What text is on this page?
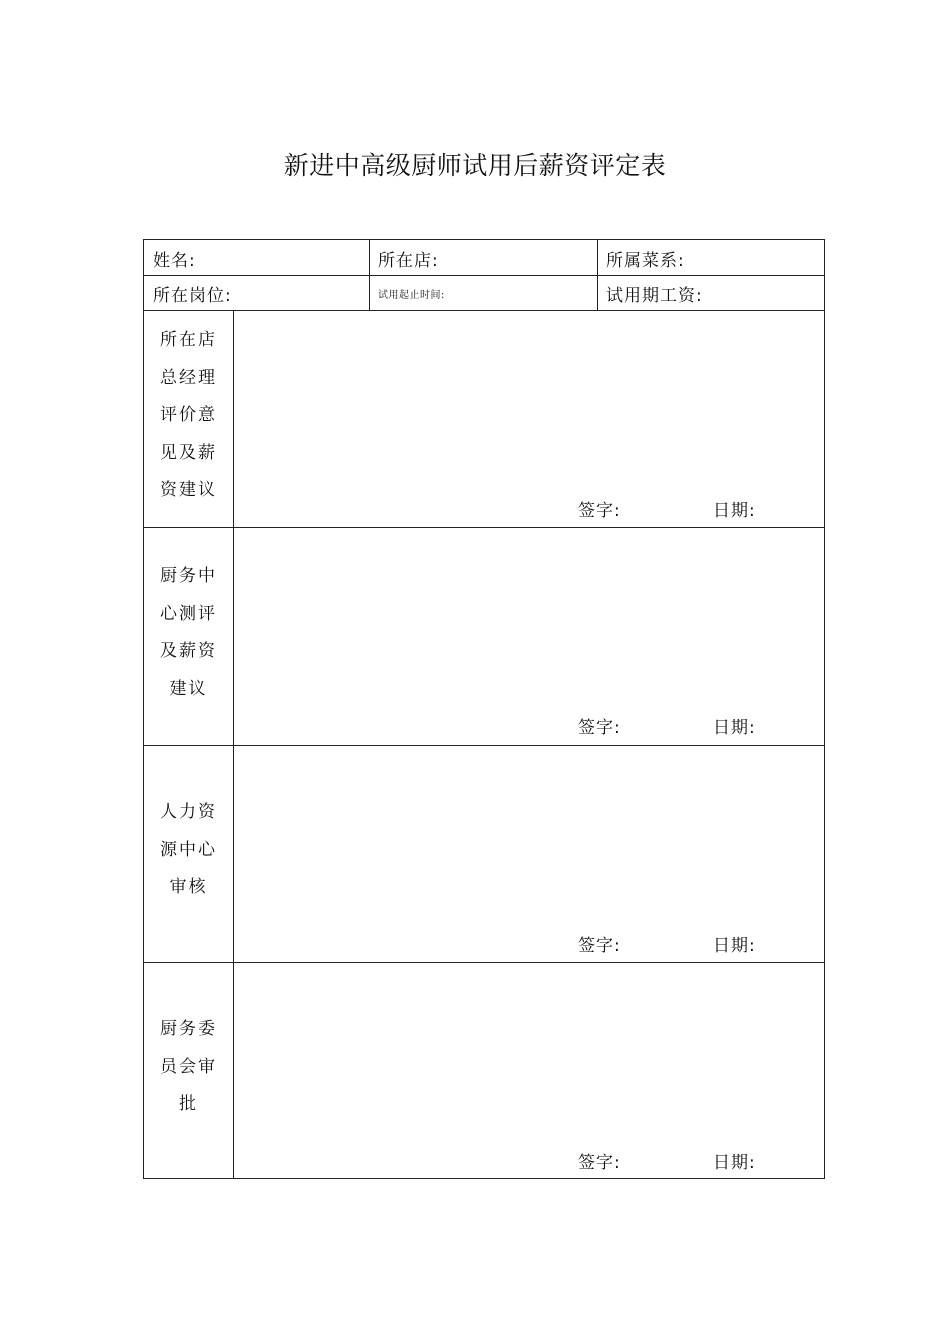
新进中高级厨师试用后薪资评定表
姓名:	所在店:	所属菜系:
所在岗位:	试用起止时间:	试用期工资:
所在店
总经理
评价意
见及薪
资建议
签字:	日期:
厨务中
心测评
及薪资
建议
签字:	日期:
人力资
源中心
审核
签字:	日期:
厨务委
员会审
批
签字:	日期:
